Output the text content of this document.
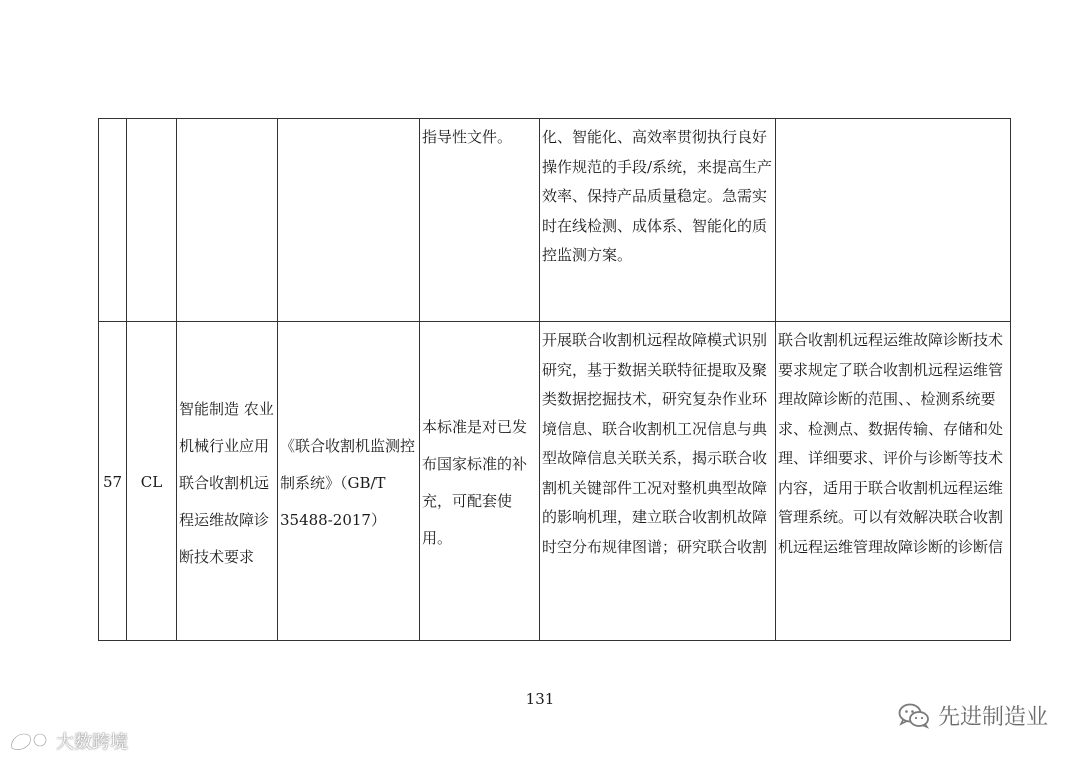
				指导性文件。	化、智能化、高效率贯彻执行良好操作规范的手段/系统，来提高生产效率、保持产品质量稳定。急需实时在线检测、成体系、智能化的质控监测方案。	
57	CL	智能制造 农业机械行业应用 联合收割机远程运维故障诊断技术要求	《联合收割机监测控制系统》（GB/T 35488-2017）	本标准是对已发布国家标准的补充，可配套使用。	开展联合收割机远程故障模式识别研究，基于数据关联特征提取及聚类数据挖掘技术，研究复杂作业环境信息、联合收割机工况信息与典型故障信息关联关系，揭示联合收割机关键部件工况对整机典型故障的影响机理，建立联合收割机故障时空分布规律图谱；研究联合收割	联合收割机远程运维故障诊断技术要求规定了联合收割机远程运维管理故障诊断的范围、、检测系统要求、检测点、数据传输、存储和处理、详细要求、评价与诊断等技术内容，适用于联合收割机远程运维管理系统。可以有效解决联合收割机远程运维管理故障诊断的诊断信
131
先进制造业
大数跨境
